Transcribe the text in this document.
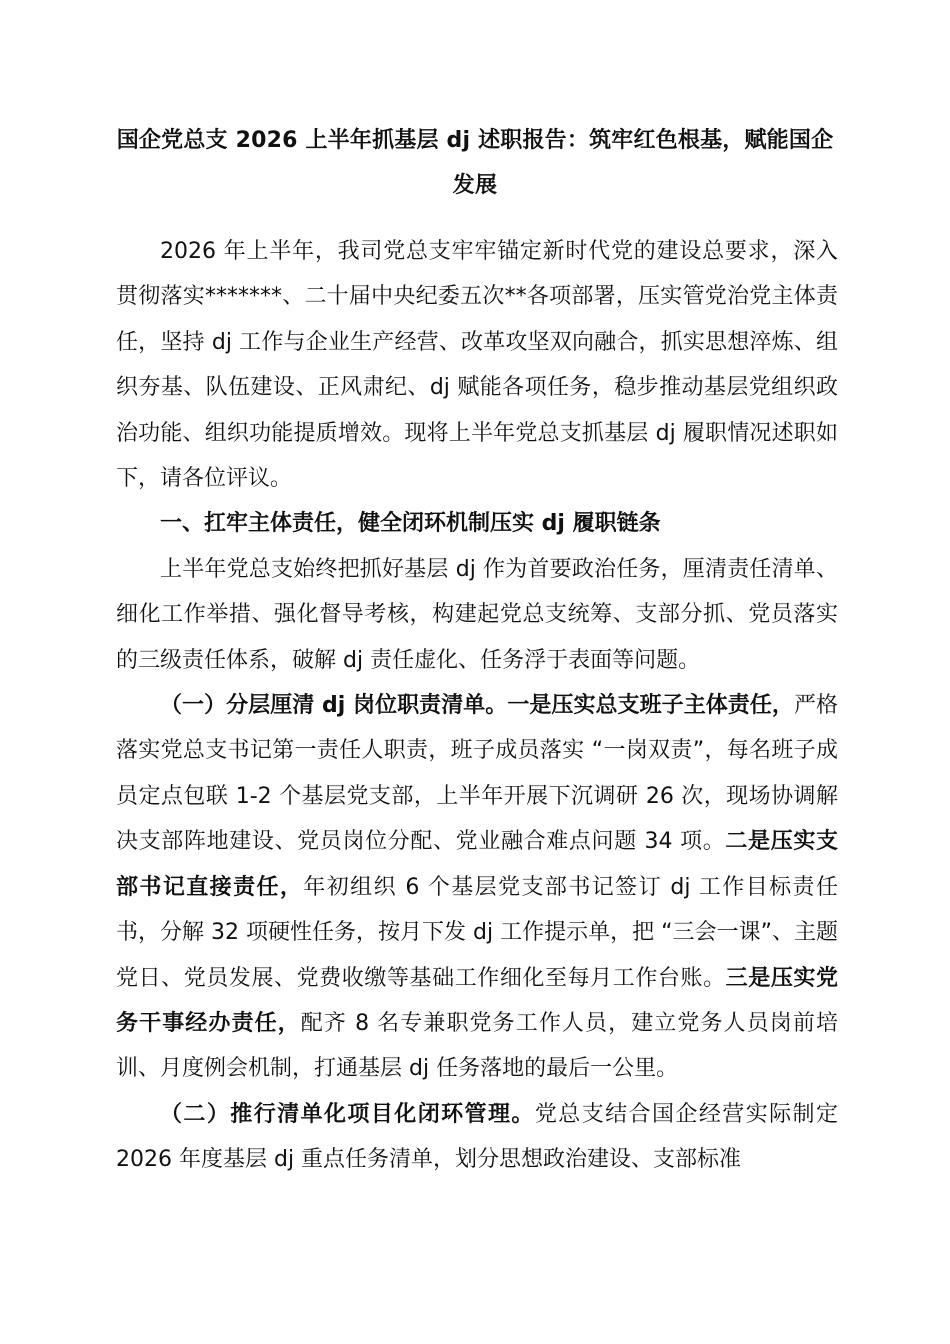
国企党总支 2026 上半年抓基层 dj 述职报告：筑牢红色根基，赋能国企发展

2026 年上半年，我司党总支牢牢锚定新时代党的建设总要求，深入贯彻落实*******、二十届中央纪委五次**各项部署，压实管党治党主体责任，坚持 dj 工作与企业生产经营、改革攻坚双向融合，抓实思想淬炼、组织夯基、队伍建设、正风肃纪、dj 赋能各项任务，稳步推动基层党组织政治功能、组织功能提质增效。现将上半年党总支抓基层 dj 履职情况述职如下，请各位评议。

一、扛牢主体责任，健全闭环机制压实 dj 履职链条

上半年党总支始终把抓好基层 dj 作为首要政治任务，厘清责任清单、细化工作举措、强化督导考核，构建起党总支统筹、支部分抓、党员落实的三级责任体系，破解 dj 责任虚化、任务浮于表面等问题。

（一）分层厘清 dj 岗位职责清单。一是压实总支班子主体责任，严格落实党总支书记第一责任人职责，班子成员落实 “一岗双责”，每名班子成员定点包联 1-2 个基层党支部，上半年开展下沉调研 26 次，现场协调解决支部阵地建设、党员岗位分配、党业融合难点问题 34 项。二是压实支部书记直接责任，年初组织 6 个基层党支部书记签订 dj 工作目标责任书，分解 32 项硬性任务，按月下发 dj 工作提示单，把 “三会一课”、主题党日、党员发展、党费收缴等基础工作细化至每月工作台账。三是压实党务干事经办责任，配齐 8 名专兼职党务工作人员，建立党务人员岗前培训、月度例会机制，打通基层 dj 任务落地的最后一公里。

（二）推行清单化项目化闭环管理。党总支结合国企经营实际制定 2026 年度基层 dj 重点任务清单，划分思想政治建设、支部标准
